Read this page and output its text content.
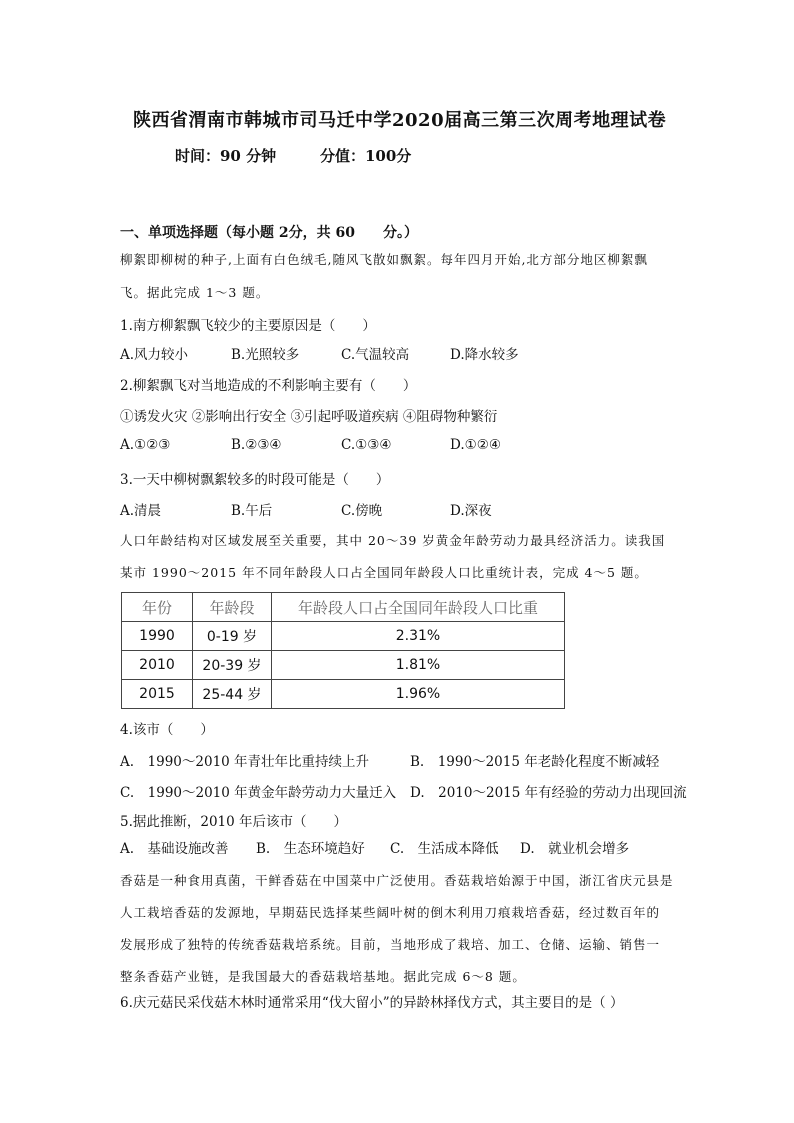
陕西省渭南市韩城市司马迁中学2020届高三第三次周考地理试卷
时间：90 分钟	分值：100分
一、单项选择题（每小题 2分，共 60　　分。）
柳絮即柳树的种子,上面有白色绒毛,随风飞散如飘絮。每年四月开始,北方部分地区柳絮飘
飞。据此完成 1～3 题。
1.南方柳絮飘飞较少的主要原因是（　　）
A.风力较小	B.光照较多	C.气温较高	D.降水较多
2.柳絮飘飞对当地造成的不利影响主要有（　　）
①诱发火灾 ②影响出行安全 ③引起呼吸道疾病 ④阻碍物种繁衍
A.①②③	B.②③④	C.①③④	D.①②④
3.一天中柳树飘絮较多的时段可能是（　　）
A.清晨	B.午后	C.傍晚	D.深夜
人口年龄结构对区域发展至关重要，其中 20～39 岁黄金年龄劳动力最具经济活力。读我国
某市 1990～2015 年不同年龄段人口占全国同年龄段人口比重统计表，完成 4～5 题。
年份	年龄段	年龄段人口占全国同年龄段人口比重
1990	0-19 岁	2.31%
2010	20-39 岁	1.81%
2015	25-44 岁	1.96%
4.该市（　　）
A.　1990～2010 年青壮年比重持续上升	B.　1990～2015 年老龄化程度不断减轻
C.　1990～2010 年黄金年龄劳动力大量迁入 D.　2010～2015 年有经验的劳动力出现回流
5.据此推断，2010 年后该市（　　）
A.　基础设施改善 B.　生态环境趋好 C.　生活成本降低 D.　就业机会增多
香菇是一种食用真菌，干鲜香菇在中国菜中广泛使用。香菇栽培始源于中国，浙江省庆元县是
人工栽培香菇的发源地，早期菇民选择某些阔叶树的倒木利用刀痕栽培香菇，经过数百年的
发展形成了独特的传统香菇栽培系统。目前，当地形成了栽培、加工、仓储、运输、销售一
整条香菇产业链，是我国最大的香菇栽培基地。据此完成 6～8 题。
6.庆元菇民采伐菇木林时通常采用“伐大留小”的异龄林择伐方式，其主要目的是（ ）
